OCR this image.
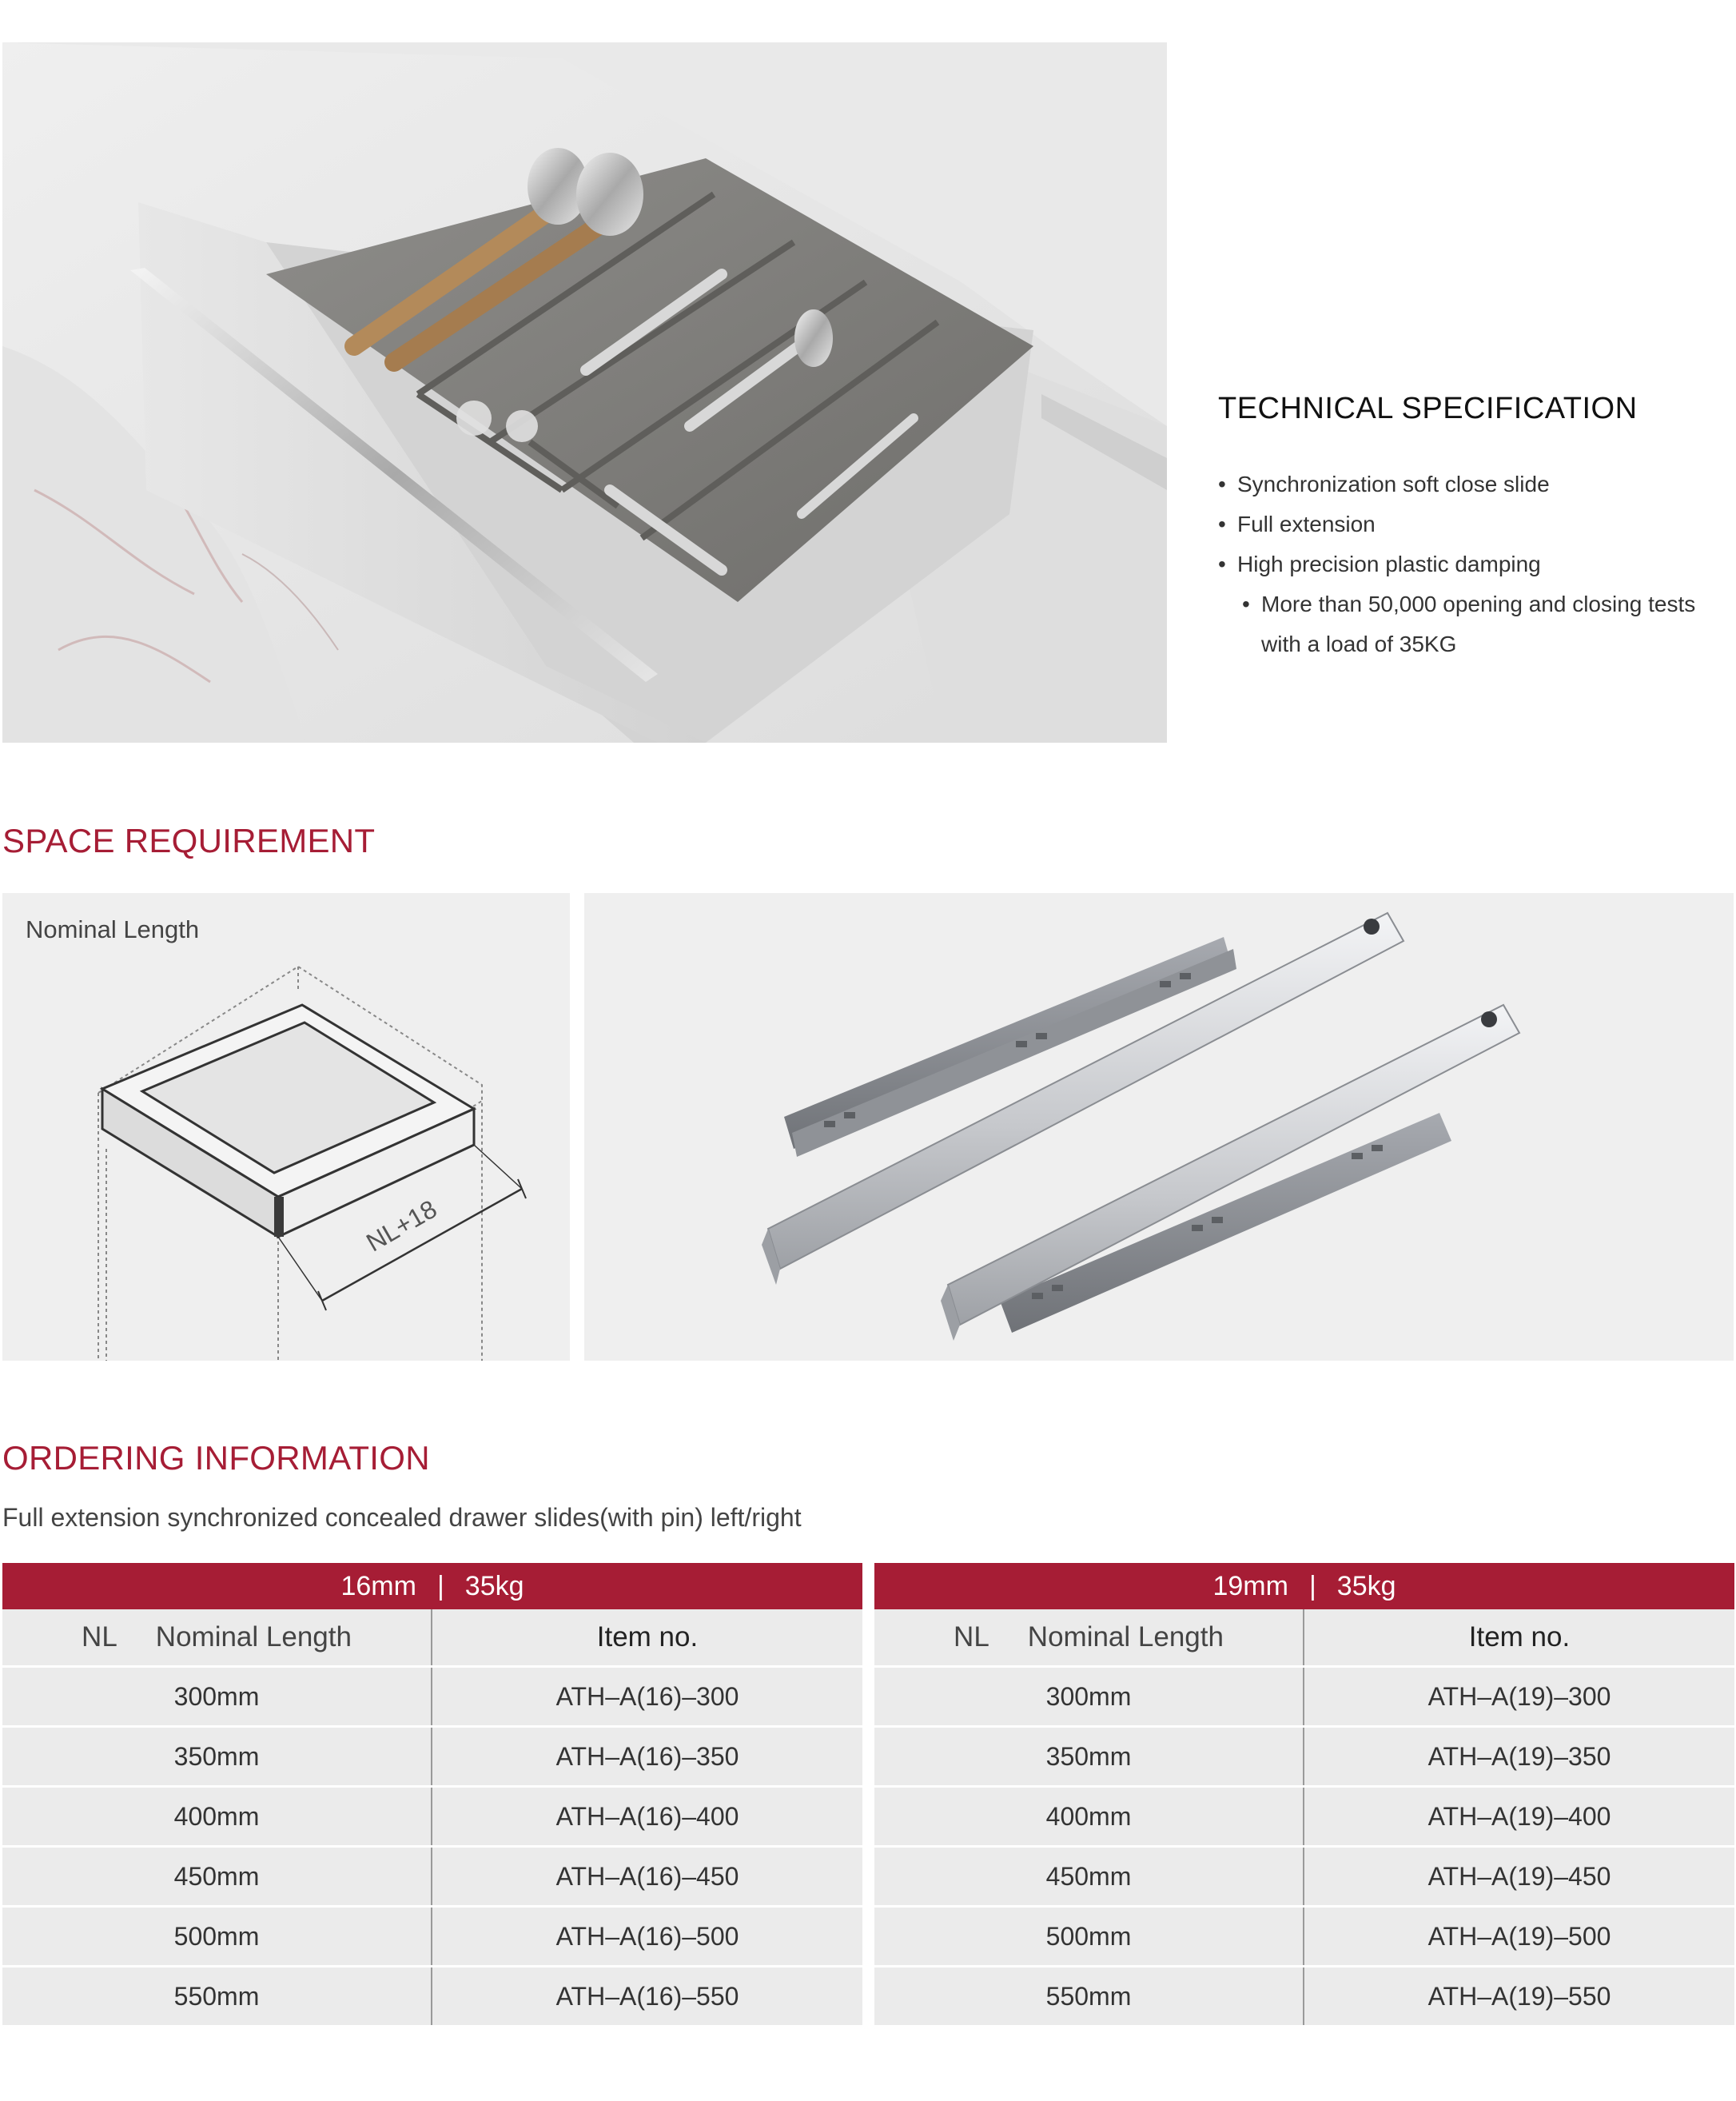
TECHNICAL SPECIFICATION
• Synchronization soft close slide
• Full extension
• High precision plastic damping
• More than 50,000 opening and closing tests with a load of 35KG
SPACE REQUIREMENT
Nominal Length
NL+18
ORDERING INFORMATION
Full extension synchronized concealed drawer slides(with pin) left/right
16mm | 35kg
NL Nominal Length	Item no.
300mm	ATH–A(16)–300
350mm	ATH–A(16)–350
400mm	ATH–A(16)–400
450mm	ATH–A(16)–450
500mm	ATH–A(16)–500
550mm	ATH–A(16)–550
19mm | 35kg
NL Nominal Length	Item no.
300mm	ATH–A(19)–300
350mm	ATH–A(19)–350
400mm	ATH–A(19)–400
450mm	ATH–A(19)–450
500mm	ATH–A(19)–500
550mm	ATH–A(19)–550
